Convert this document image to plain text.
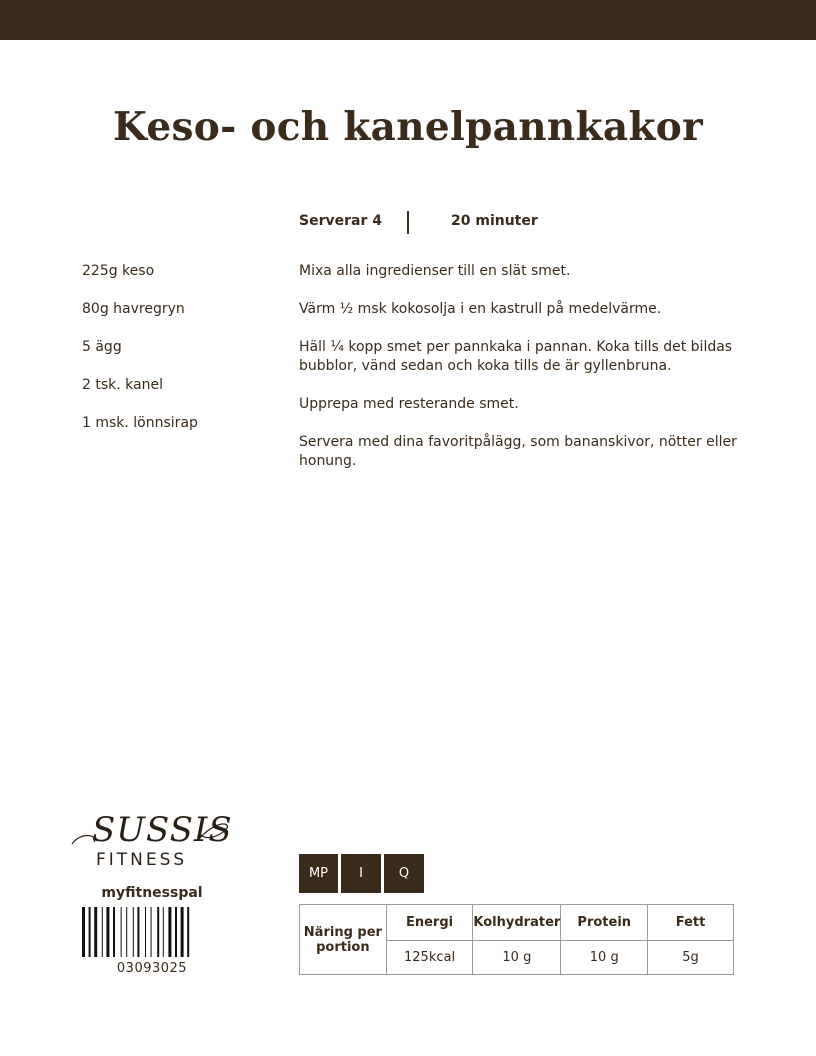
Keso- och kanelpannkakor
Serverar 4	20 minuter
225g keso
80g havregryn
5 ägg
2 tsk. kanel
1 msk. lönnsirap
Mixa alla ingredienser till en slät smet.
Värm ½ msk kokosolja i en kastrull på medelvärme.
Häll ¼ kopp smet per pannkaka i pannan. Koka tills det bildas bubblor, vänd sedan och koka tills de är gyllenbruna.
Upprepa med resterande smet.
Servera med dina favoritpålägg, som bananskivor, nötter eller honung.
SUSSIS
FITNESS
myfitnesspal
03093025
MP	I	Q
Näring per portion	Energi	Kolhydrater	Protein	Fett
	125kcal	10 g	10 g	5g
